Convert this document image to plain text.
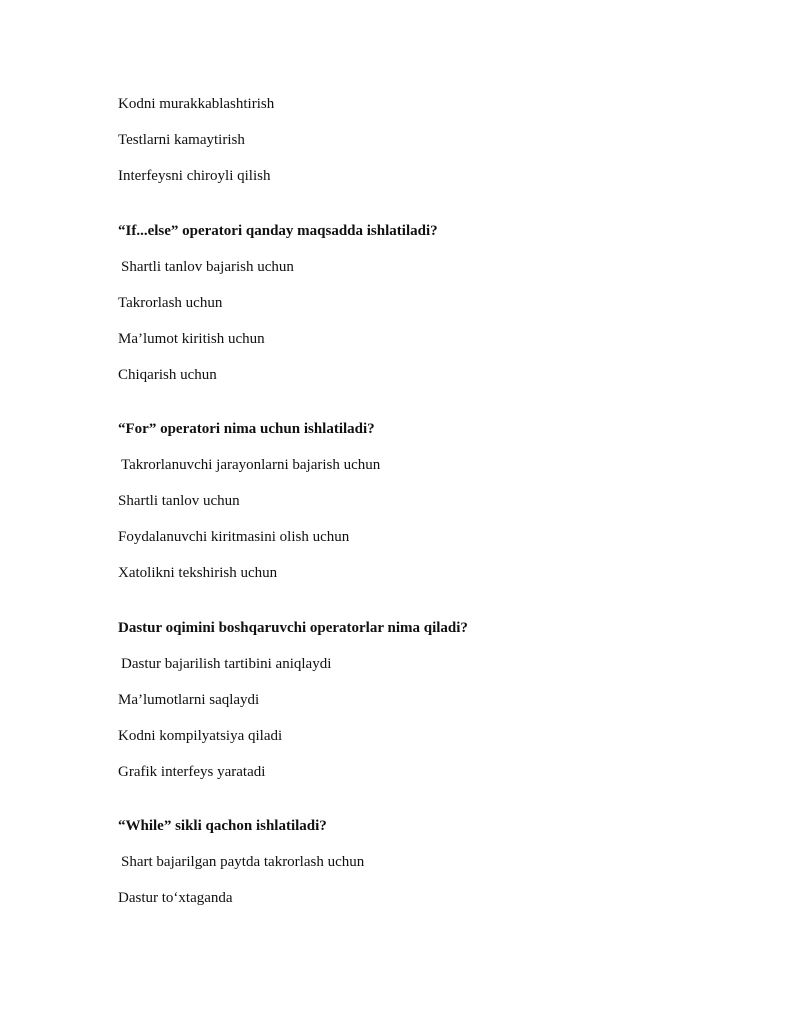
Kodni murakkablashtirish
Testlarni kamaytirish
Interfeysni chiroyli qilish
“If...else” operatori qanday maqsadda ishlatiladi?
Shartli tanlov bajarish uchun
Takrorlash uchun
Ma’lumot kiritish uchun
Chiqarish uchun
“For” operatori nima uchun ishlatiladi?
Takrorlanuvchi jarayonlarni bajarish uchun
Shartli tanlov uchun
Foydalanuvchi kiritmasini olish uchun
Xatolikni tekshirish uchun
Dastur oqimini boshqaruvchi operatorlar nima qiladi?
Dastur bajarilish tartibini aniqlaydi
Ma’lumotlarni saqlaydi
Kodni kompilyatsiya qiladi
Grafik interfeys yaratadi
“While” sikli qachon ishlatiladi?
Shart bajarilgan paytda takrorlash uchun
Dastur to‘xtaganda
